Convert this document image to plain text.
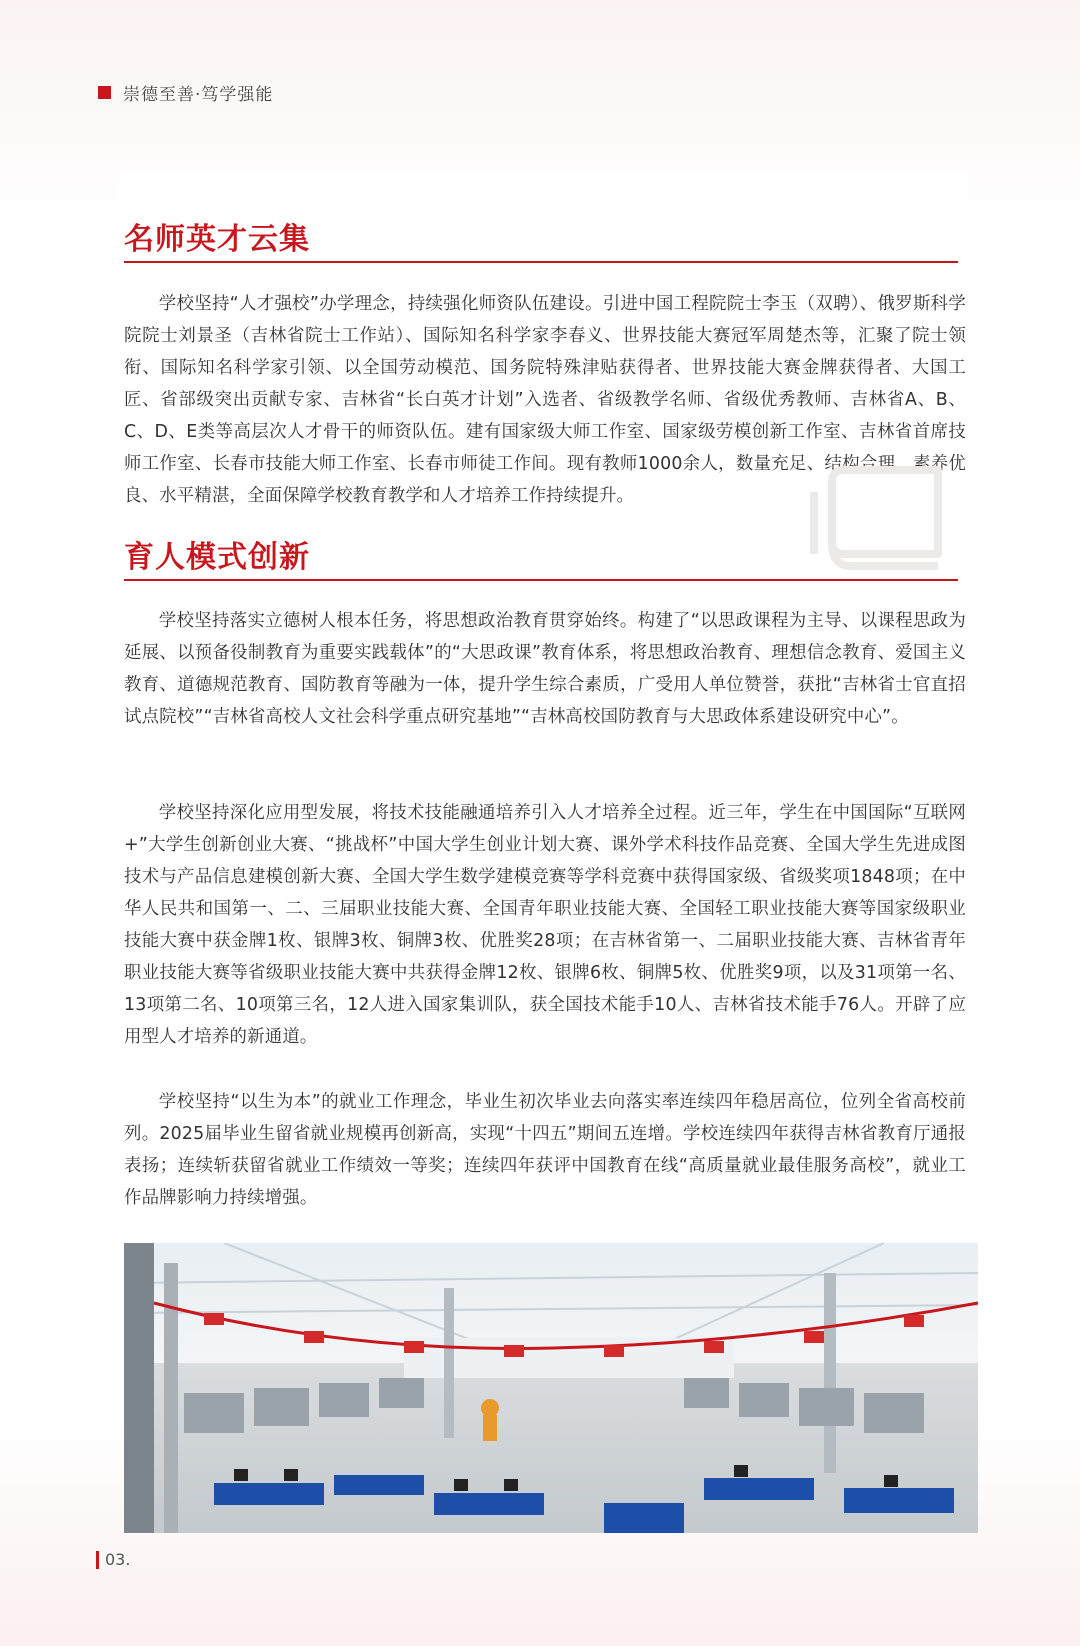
崇德至善·笃学强能
名师英才云集

学校坚持“人才强校”办学理念，持续强化师资队伍建设。引进中国工程院院士李玉（双聘）、俄罗斯科学院院士刘景圣（吉林省院士工作站）、国际知名科学家李春义、世界技能大赛冠军周楚杰等，汇聚了院士领衔、国际知名科学家引领、以全国劳动模范、国务院特殊津贴获得者、世界技能大赛金牌获得者、大国工匠、省部级突出贡献专家、吉林省“长白英才计划”入选者、省级教学名师、省级优秀教师、吉林省A、B、C、D、E类等高层次人才骨干的师资队伍。建有国家级大师工作室、国家级劳模创新工作室、吉林省首席技师工作室、长春市技能大师工作室、长春市师徒工作间。现有教师1000余人，数量充足、结构合理、素养优良、水平精湛，全面保障学校教育教学和人才培养工作持续提升。

育人模式创新

学校坚持落实立德树人根本任务，将思想政治教育贯穿始终。构建了“以思政课程为主导、以课程思政为延展、以预备役制教育为重要实践载体”的“大思政课”教育体系，将思想政治教育、理想信念教育、爱国主义教育、道德规范教育、国防教育等融为一体，提升学生综合素质，广受用人单位赞誉，获批“吉林省士官直招试点院校”“吉林省高校人文社会科学重点研究基地”“吉林高校国防教育与大思政体系建设研究中心”。

学校坚持深化应用型发展，将技术技能融通培养引入人才培养全过程。近三年，学生在中国国际“互联网+”大学生创新创业大赛、“挑战杯”中国大学生创业计划大赛、课外学术科技作品竞赛、全国大学生先进成图技术与产品信息建模创新大赛、全国大学生数学建模竞赛等学科竞赛中获得国家级、省级奖项1848项；在中华人民共和国第一、二、三届职业技能大赛、全国青年职业技能大赛、全国轻工职业技能大赛等国家级职业技能大赛中获金牌1枚、银牌3枚、铜牌3枚、优胜奖28项；在吉林省第一、二届职业技能大赛、吉林省青年职业技能大赛等省级职业技能大赛中共获得金牌12枚、银牌6枚、铜牌5枚、优胜奖9项，以及31项第一名、13项第二名、10项第三名，12人进入国家集训队，获全国技术能手10人、吉林省技术能手76人。开辟了应用型人才培养的新通道。

学校坚持“以生为本”的就业工作理念，毕业生初次毕业去向落实率连续四年稳居高位，位列全省高校前列。2025届毕业生留省就业规模再创新高，实现“十四五”期间五连增。学校连续四年获得吉林省教育厅通报表扬；连续斩获留省就业工作绩效一等奖；连续四年获评中国教育在线“高质量就业最佳服务高校”，就业工作品牌影响力持续增强。

03.
